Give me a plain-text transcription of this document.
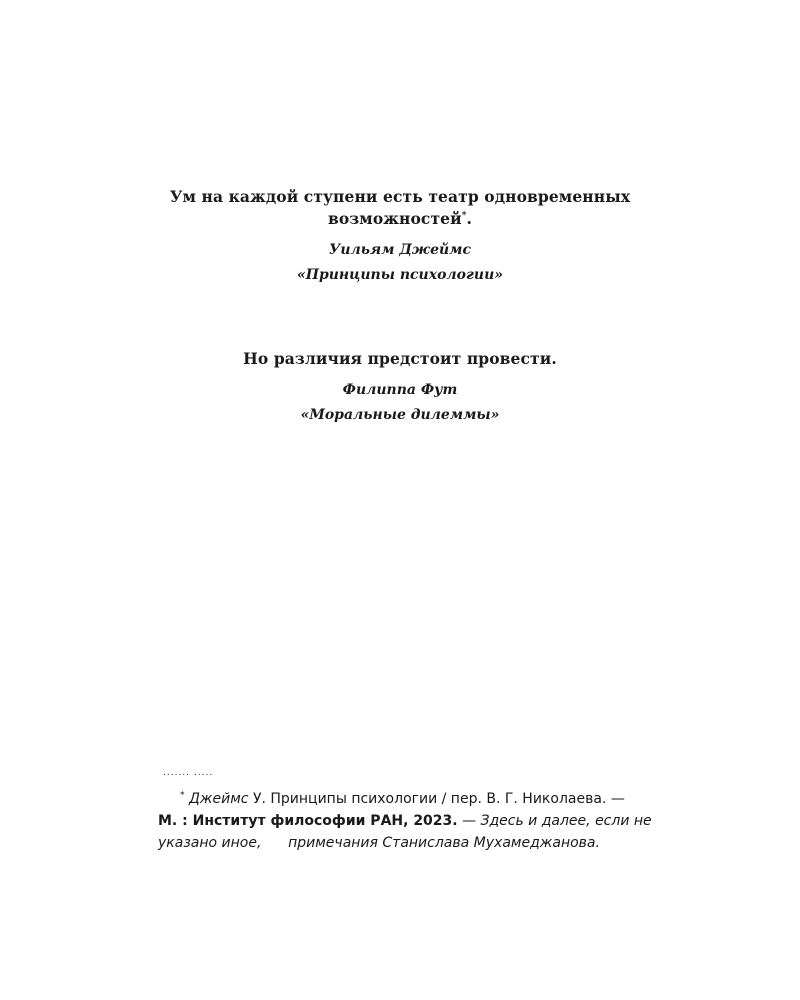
Ум на каждой ступени есть театр одновременных
возможностей*.
Уильям Джеймс
«Принципы психологии»
Но различия предстоит провести.
Филиппа Фут
«Моральные дилеммы»
....... .....
* Джеймс У. Принципы психологии / пер. В. Г. Николаева. —
М. : Институт философии РАН, 2023. — Здесь и далее, если не
указано иное, примечания Станислава Мухамеджанова.
